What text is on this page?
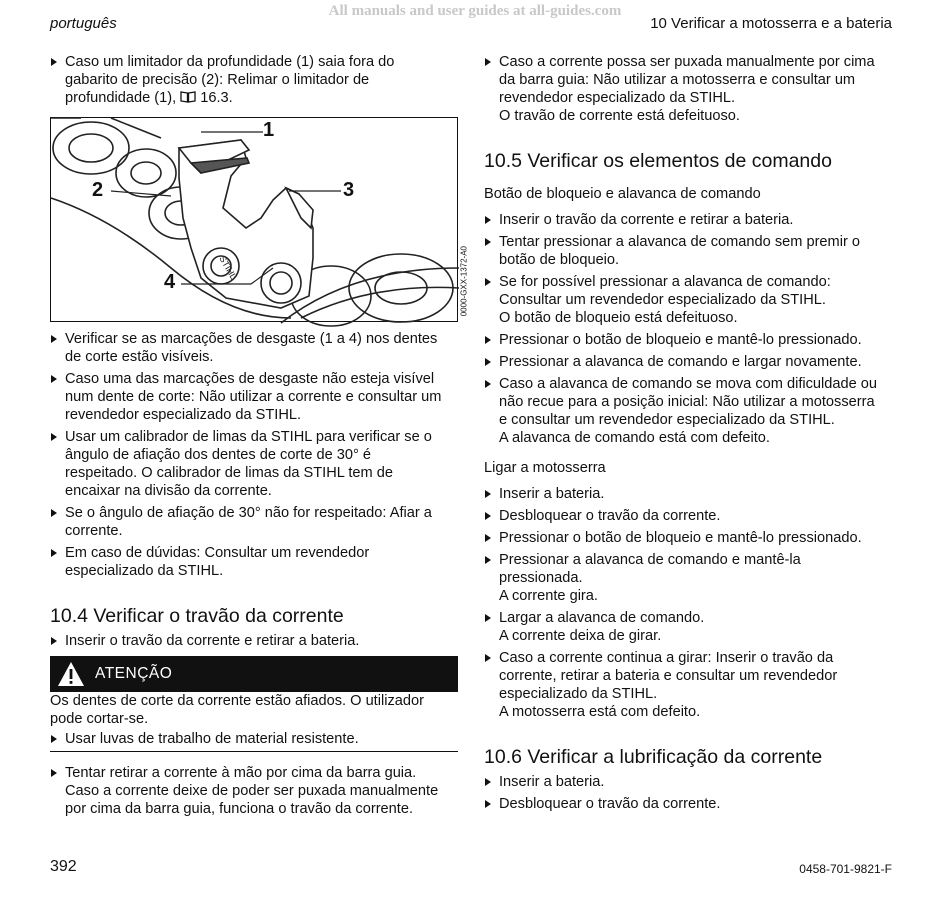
All manuals and user guides at all-guides.com
português	10 Verificar a motosserra e a bateria
Caso um limitador da profundidade (1) saia fora do
gabarito de precisão (2): Relimar o limitador de
profundidade (1),  16.3.
STIHL
1
2	3
4	0000-GXX-1372-A0
Verificar se as marcações de desgaste (1 a 4) nos dentes
de corte estão visíveis.
Caso uma das marcações de desgaste não esteja visível
num dente de corte: Não utilizar a corrente e consultar um
revendedor especializado da STIHL.
Usar um calibrador de limas da STIHL para verificar se o
ângulo de afiação dos dentes de corte de 30° é
respeitado. O calibrador de limas da STIHL tem de
encaixar na divisão da corrente.
Se o ângulo de afiação de 30° não for respeitado: Afiar a
corrente.
Em caso de dúvidas: Consultar um revendedor
especializado da STIHL.
10.4 Verificar o travão da corrente
Inserir o travão da corrente e retirar a bateria.
ATENÇÃO
Os dentes de corte da corrente estão afiados. O utilizador
pode cortar-se.
Usar luvas de trabalho de material resistente.
Tentar retirar a corrente à mão por cima da barra guia.
Caso a corrente deixe de poder ser puxada manualmente
por cima da barra guia, funciona o travão da corrente.
Caso a corrente possa ser puxada manualmente por cima
da barra guia: Não utilizar a motosserra e consultar um
revendedor especializado da STIHL.
O travão de corrente está defeituoso.
10.5 Verificar os elementos de comando
Botão de bloqueio e alavanca de comando
Inserir o travão da corrente e retirar a bateria.
Tentar pressionar a alavanca de comando sem premir o
botão de bloqueio.
Se for possível pressionar a alavanca de comando:
Consultar um revendedor especializado da STIHL.
O botão de bloqueio está defeituoso.
Pressionar o botão de bloqueio e mantê-lo pressionado.
Pressionar a alavanca de comando e largar novamente.
Caso a alavanca de comando se mova com dificuldade ou
não recue para a posição inicial: Não utilizar a motosserra
e consultar um revendedor especializado da STIHL.
A alavanca de comando está com defeito.
Ligar a motosserra
Inserir a bateria.
Desbloquear o travão da corrente.
Pressionar o botão de bloqueio e mantê-lo pressionado.
Pressionar a alavanca de comando e mantê-la
pressionada.
A corrente gira.
Largar a alavanca de comando.
A corrente deixa de girar.
Caso a corrente continua a girar: Inserir o travão da
corrente, retirar a bateria e consultar um revendedor
especializado da STIHL.
A motosserra está com defeito.
10.6 Verificar a lubrificação da corrente
Inserir a bateria.
Desbloquear o travão da corrente.
392	0458-701-9821-F
